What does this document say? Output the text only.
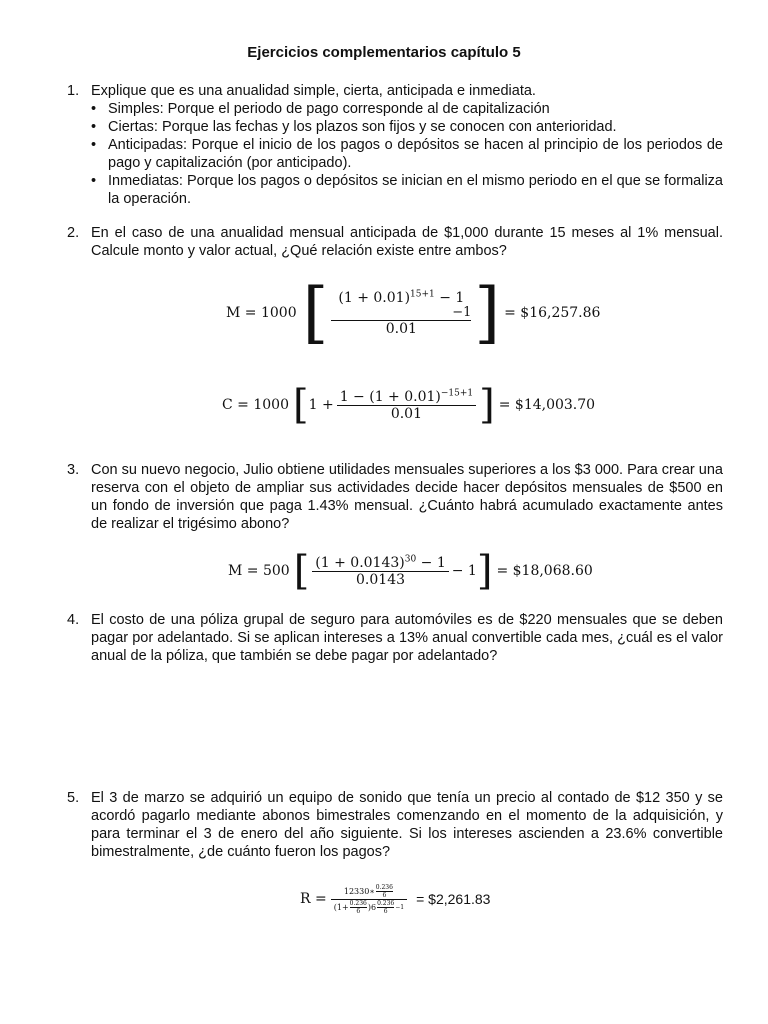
Ejercicios complementarios capítulo 5
1. Explique que es una anualidad simple, cierta, anticipada e inmediata.
• Simples: Porque el periodo de pago corresponde al de capitalización
• Ciertas: Porque las fechas y los plazos son fijos y se conocen con anterioridad.
• Anticipadas: Porque el inicio de los pagos o depósitos se hacen al principio de los periodos de pago y capitalización (por anticipado).
• Inmediatas: Porque los pagos o depósitos se inician en el mismo periodo en el que se formaliza la operación.
2. En el caso de una anualidad mensual anticipada de $1,000 durante 15 meses al 1% mensual. Calcule monto y valor actual, ¿Qué relación existe entre ambos?
M = 1000 [ $(1 + 0.01)^{15+1} - 1$
−1
0.01 ] = $16,257.86
C = 1000 [ $1 + \frac{1 - (1 + 0.01)^{-15+1}}{0.01}$ ] = $14,003.70
3. Con su nuevo negocio, Julio obtiene utilidades mensuales superiores a los $3 000. Para crear una reserva con el objeto de ampliar sus actividades decide hacer depósitos mensuales de $500 en un fondo de inversión que paga 1.43% mensual. ¿Cuánto habrá acumulado exactamente antes de realizar el trigésimo abono?
M = 500 [ $\frac{(1 + 0.0143)^{30} - 1}{0.0143} - 1$ ] = $18,068.60
4. El costo de una póliza grupal de seguro para automóviles es de $220 mensuales que se deben pagar por adelantado. Si se aplican intereses a 13% anual convertible cada mes, ¿cuál es el valor anual de la póliza, que también se debe pagar por adelantado?
5. El 3 de marzo se adquirió un equipo de sonido que tenía un precio al contado de $12 350 y se acordó pagarlo mediante abonos bimestrales comenzando en el momento de la adquisición, y para terminar el 3 de enero del año siguiente. Si los intereses ascienden a 23.6% convertible bimestralmente, ¿de cuánto fueron los pagos?
R = 12330∗ $\frac{0.236}{6}$
($1+ \frac{0.236}{6}$ ) $6 \frac{0.236}{6} -1$ = $2,261.83
